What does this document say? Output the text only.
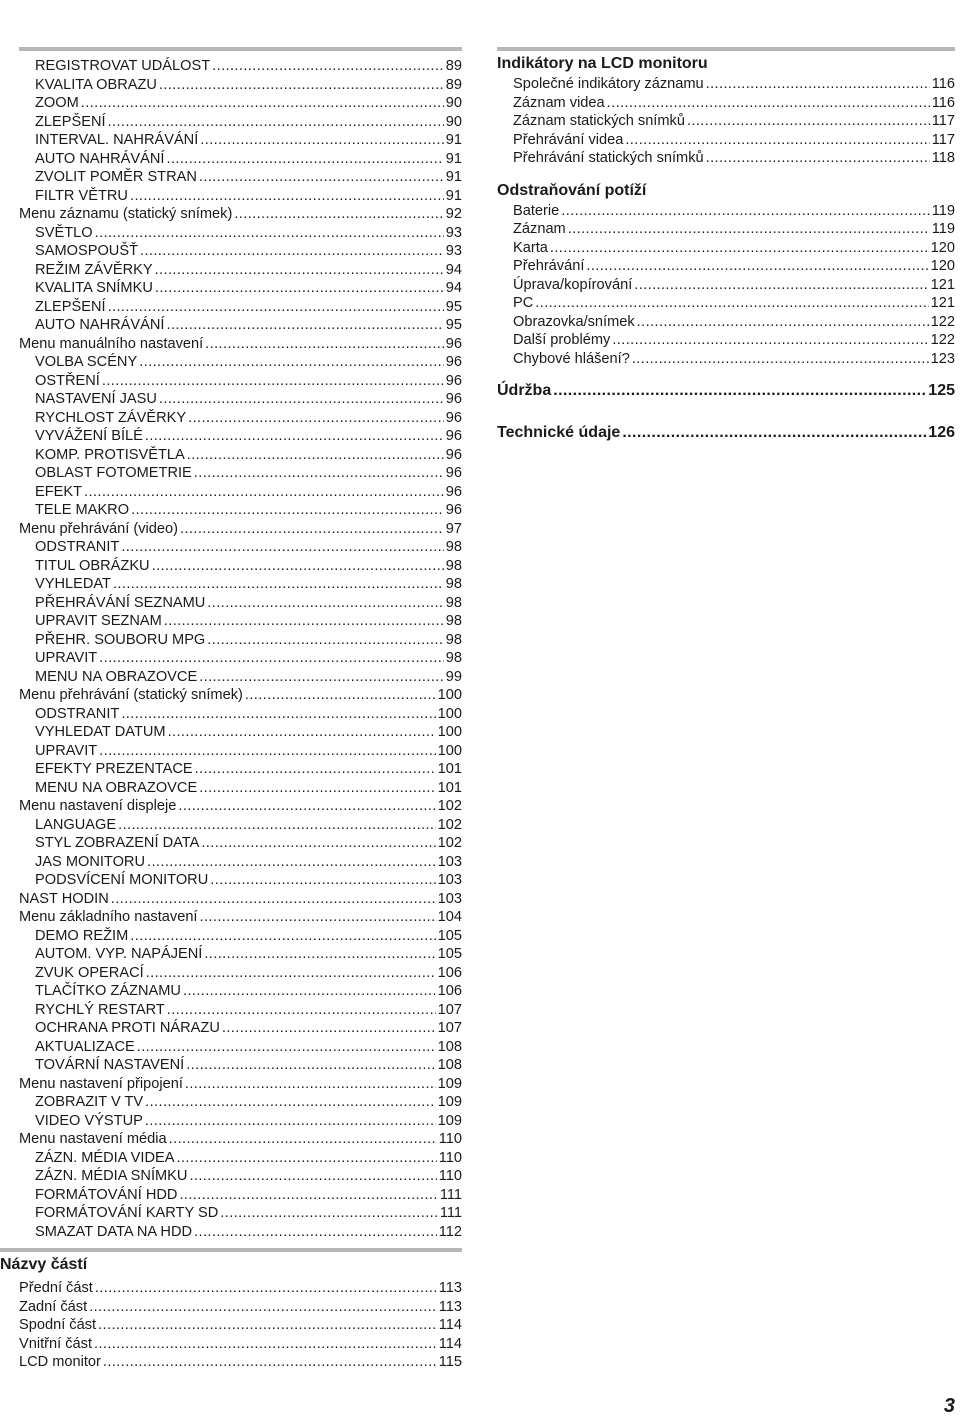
REGISTROVAT UDÁLOST .....	89
KVALITA OBRAZU .....	89
ZOOM .....	90
ZLEPŠENÍ .....	90
INTERVAL. NAHRÁVÁNÍ .....	91
AUTO NAHRÁVÁNÍ .....	91
ZVOLIT POMĚR STRAN .....	91
FILTR VĚTRU .....	91
Menu záznamu (statický snímek) .....	92
SVĚTLO .....	93
SAMOSPOUŠŤ .....	93
REŽIM ZÁVĚRKY .....	94
KVALITA SNÍMKU .....	94
ZLEPŠENÍ .....	95
AUTO NAHRÁVÁNÍ .....	95
Menu manuálního nastavení .....	96
VOLBA SCÉNY .....	96
OSTŘENÍ .....	96
NASTAVENÍ JASU .....	96
RYCHLOST ZÁVĚRKY .....	96
VYVÁŽENÍ BÍLÉ .....	96
KOMP. PROTISVĚTLA .....	96
OBLAST FOTOMETRIE .....	96
EFEKT .....	96
TELE MAKRO .....	96
Menu přehrávání (video) .....	97
ODSTRANIT .....	98
TITUL OBRÁZKU .....	98
VYHLEDAT .....	98
PŘEHRÁVÁNÍ SEZNAMU .....	98
UPRAVIT SEZNAM .....	98
PŘEHR. SOUBORU MPG .....	98
UPRAVIT .....	98
MENU NA OBRAZOVCE .....	99
Menu přehrávání (statický snímek) .....	100
ODSTRANIT .....	100
VYHLEDAT DATUM .....	100
UPRAVIT .....	100
EFEKTY PREZENTACE .....	101
MENU NA OBRAZOVCE .....	101
Menu nastavení displeje .....	102
LANGUAGE .....	102
STYL ZOBRAZENÍ DATA .....	102
JAS MONITORU .....	103
PODSVÍCENÍ MONITORU .....	103
NAST HODIN .....	103
Menu základního nastavení .....	104
DEMO REŽIM .....	105
AUTOM. VYP. NAPÁJENÍ .....	105
ZVUK OPERACÍ .....	106
TLAČÍTKO ZÁZNAMU .....	106
RYCHLÝ RESTART .....	107
OCHRANA PROTI NÁRAZU .....	107
AKTUALIZACE .....	108
TOVÁRNÍ NASTAVENÍ .....	108
Menu nastavení připojení .....	109
ZOBRAZIT V TV .....	109
VIDEO VÝSTUP .....	109
Menu nastavení média .....	110
ZÁZN. MÉDIA VIDEA .....	110
ZÁZN. MÉDIA SNÍMKU .....	110
FORMÁTOVÁNÍ HDD .....	111
FORMÁTOVÁNÍ KARTY SD .....	111
SMAZAT DATA NA HDD .....	112
Indikátory na LCD monitoru
Společné indikátory záznamu .....	116
Záznam videa .....	116
Záznam statických snímků .....	117
Přehrávání videa .....	117
Přehrávání statických snímků .....	118
Odstraňování potíží
Baterie .....	119
Záznam .....	119
Karta .....	120
Přehrávání .....	120
Úprava/kopírování .....	121
PC .....	121
Obrazovka/snímek .....	122
Další problémy .....	122
Chybové hlášení? .....	123
Údržba .....	125
Technické údaje .....	126
Názvy částí
Přední část .....	113
Zadní část .....	113
Spodní část .....	114
Vnitřní část .....	114
LCD monitor .....	115
3
